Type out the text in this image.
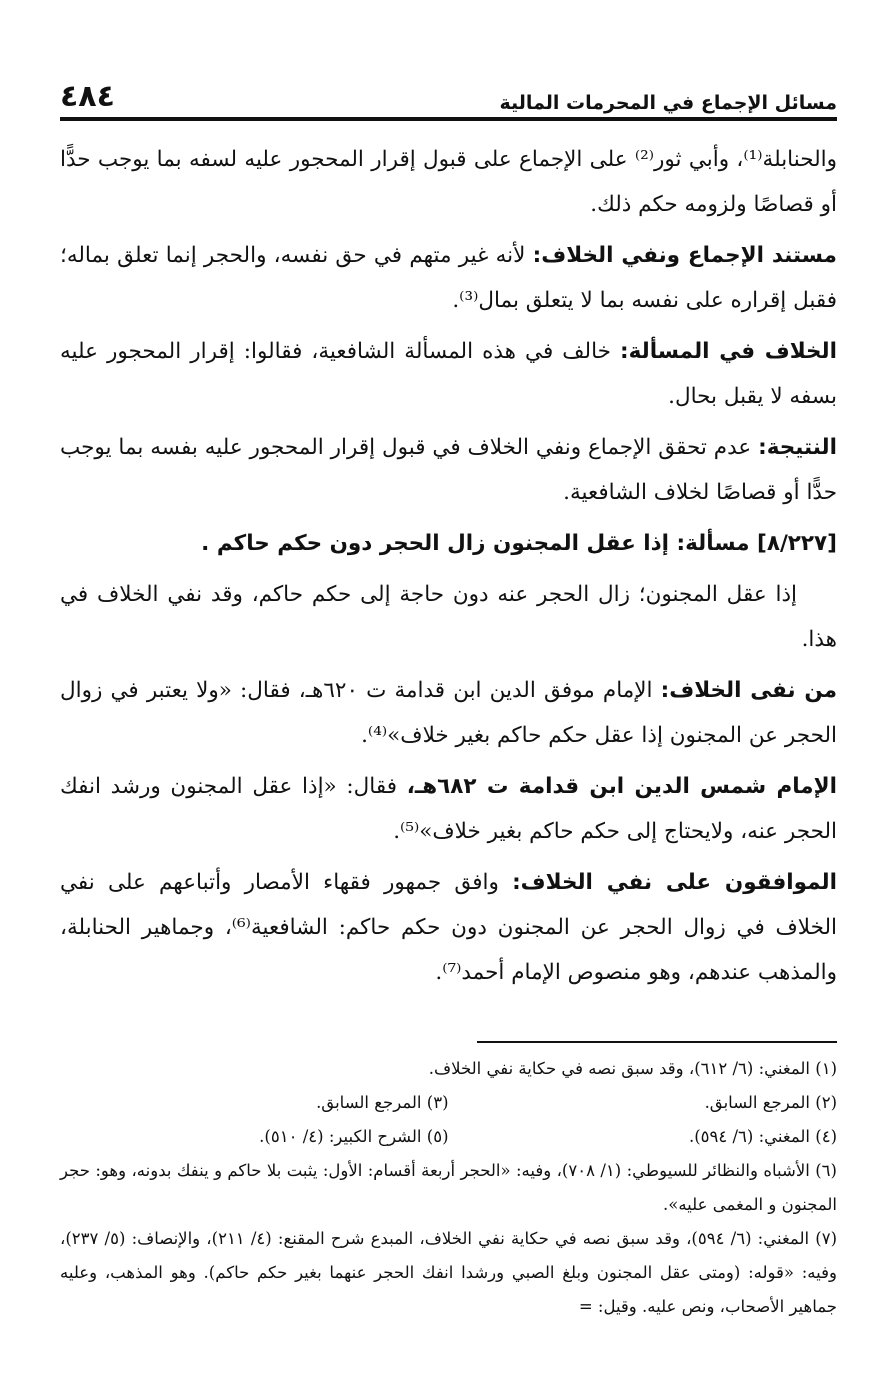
مسائل الإجماع في المحرمات المالية
٤٨٤

والحنابلة⁽¹⁾، وأبي ثور⁽²⁾ على الإجماع على قبول إقرار المحجور عليه لسفه بما يوجب حدًّا أو قصاصًا ولزومه حكم ذلك.

مستند الإجماع ونفي الخلاف: لأنه غير متهم في حق نفسه، والحجر إنما تعلق بماله؛ فقبل إقراره على نفسه بما لا يتعلق بمال⁽³⁾.

الخلاف في المسألة: خالف في هذه المسألة الشافعية، فقالوا: إقرار المحجور عليه بسفه لا يقبل بحال.

النتيجة: عدم تحقق الإجماع ونفي الخلاف في قبول إقرار المحجور عليه بفسه بما يوجب حدًّا أو قصاصًا لخلاف الشافعية.

[٨/٢٢٧] مسألة: إذا عقل المجنون زال الحجر دون حكم حاكم .

إذا عقل المجنون؛ زال الحجر عنه دون حاجة إلى حكم حاكم، وقد نفي الخلاف في هذا.

من نفى الخلاف: الإمام موفق الدين ابن قدامة ت ٦٢٠هـ، فقال: «ولا يعتبر في زوال الحجر عن المجنون إذا عقل حكم حاكم بغير خلاف»⁽⁴⁾.

الإمام شمس الدين ابن قدامة ت ٦٨٢هـ، فقال: «إذا عقل المجنون ورشد انفك الحجر عنه، ولايحتاج إلى حكم حاكم بغير خلاف»⁽⁵⁾.

الموافقون على نفي الخلاف: وافق جمهور فقهاء الأمصار وأتباعهم على نفي الخلاف في زوال الحجر عن المجنون دون حكم حاكم: الشافعية⁽⁶⁾، وجماهير الحنابلة، والمذهب عندهم، وهو منصوص الإمام أحمد⁽⁷⁾.

(١) المغني: (٦/ ٦١٢)، وقد سبق نصه في حكاية نفي الخلاف.

(٢) المرجع السابق.
(٣) المرجع السابق.
(٤) المغني: (٦/ ٥٩٤).
(٥) الشرح الكبير: (٤/ ٥١٠).

(٦) الأشباه والنظائر للسيوطي: (١/ ٧٠٨)، وفيه: «الحجر أربعة أقسام: الأول: يثبت بلا حاكم و ينفك بدونه، وهو: حجر المجنون و المغمى عليه».

(٧) المغني: (٦/ ٥٩٤)، وقد سبق نصه في حكاية نفي الخلاف، المبدع شرح المقنع: (٤/ ٢١١)، والإنصاف: (٥/ ٢٣٧)، وفيه: «قوله: (ومتى عقل المجنون وبلغ الصبي ورشدا انفك الحجر عنهما بغير حكم حاكم). وهو المذهب، وعليه جماهير الأصحاب، ونص عليه. وقيل: =
